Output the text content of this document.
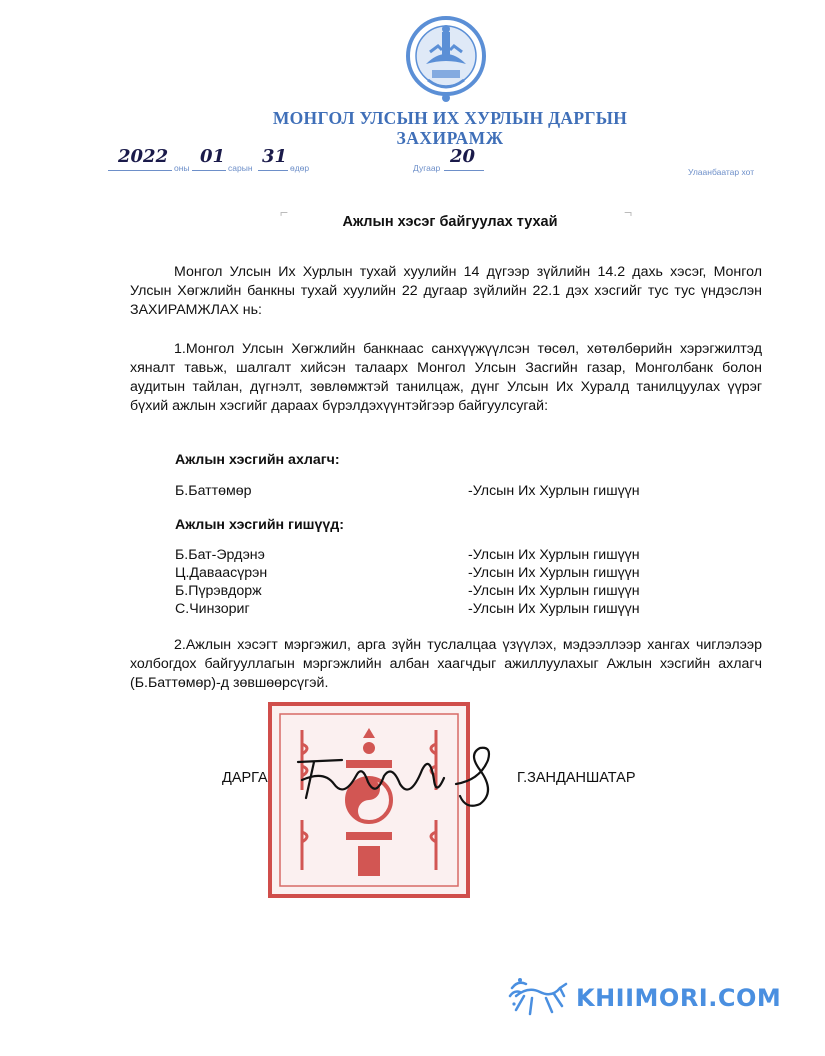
МОНГОЛ УЛСЫН ИХ ХУРЛЫН ДАРГЫН
ЗАХИРАМЖ
2022
оны
01
сарын
31
өдөр	Дугаар
20
Улаанбаатар хот
⌐	¬
Ажлын хэсэг байгуулах тухай
Монгол Улсын Их Хурлын тухай хуулийн 14 дүгээр зүйлийн 14.2 дахь хэсэг, Монгол Улсын Хөгжлийн банкны тухай хуулийн 22 дугаар зүйлийн 22.1 дэх хэсгийг тус тус үндэслэн ЗАХИРАМЖЛАХ нь:
1.Монгол Улсын Хөгжлийн банкнаас санхүүжүүлсэн төсөл, хөтөлбөрийн хэрэгжилтэд хяналт тавьж, шалгалт хийсэн талаарх Монгол Улсын Засгийн газар, Монголбанк болон аудитын тайлан, дүгнэлт, зөвлөмжтэй танилцаж, дүнг Улсын Их Хуралд танилцуулах үүрэг бүхий ажлын хэсгийг дараах бүрэлдэхүүнтэйгээр байгуулсугай:
Ажлын хэсгийн ахлагч:
Б.Баттөмөр	-Улсын Их Хурлын гишүүн
Ажлын хэсгийн гишүүд:
Б.Бат-Эрдэнэ	-Улсын Их Хурлын гишүүн
Ц.Даваасүрэн	-Улсын Их Хурлын гишүүн
Б.Пүрэвдорж	-Улсын Их Хурлын гишүүн
С.Чинзориг	-Улсын Их Хурлын гишүүн
2.Ажлын хэсэгт мэргэжил, арга зүйн туслалцаа үзүүлэх, мэдээллээр хангах чиглэлээр холбогдох байгууллагын мэргэжлийн албан хаагчдыг ажиллуулахыг Ажлын хэсгийн ахлагч (Б.Баттөмөр)-д зөвшөөрсүгэй.
ДАРГА	Г.ЗАНДАНШАТАР
KHIIMORI.COM
